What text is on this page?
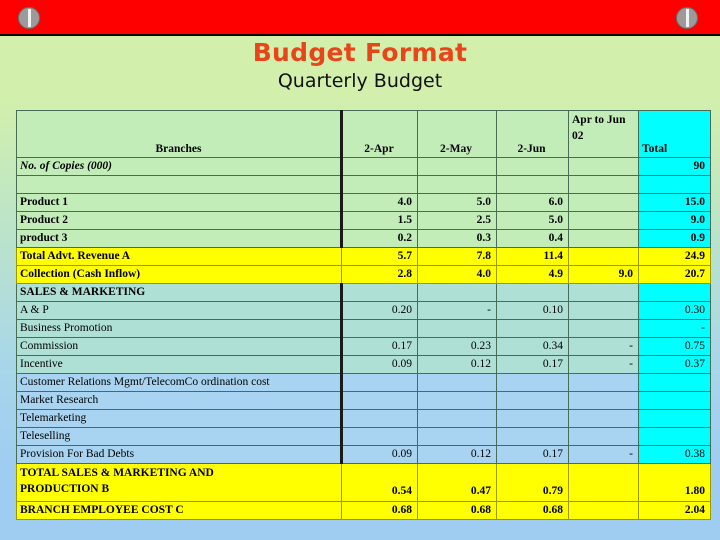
Budget Format
Quarterly Budget
Branches	2-Apr	2-May	2-Jun	Apr to Jun 02	Total
No. of Copies (000)					90

Product 1	4.0	5.0	6.0		15.0
Product 2	1.5	2.5	5.0		9.0
product 3	0.2	0.3	0.4		0.9
Total Advt. Revenue A	5.7	7.8	11.4		24.9
Collection (Cash Inflow)	2.8	4.0	4.9	9.0	20.7
SALES & MARKETING					
A & P	0.20	-	0.10		0.30
Business Promotion					-
Commission	0.17	0.23	0.34	-	0.75
Incentive	0.09	0.12	0.17	-	0.37
Customer Relations Mgmt/TelecomCo ordination cost					
Market Research					
Telemarketing					
Teleselling					
Provision For Bad Debts	0.09	0.12	0.17	-	0.38
TOTAL SALES & MARKETING AND
PRODUCTION B	0.54	0.47	0.79		1.80
BRANCH EMPLOYEE COST C	0.68	0.68	0.68		2.04
